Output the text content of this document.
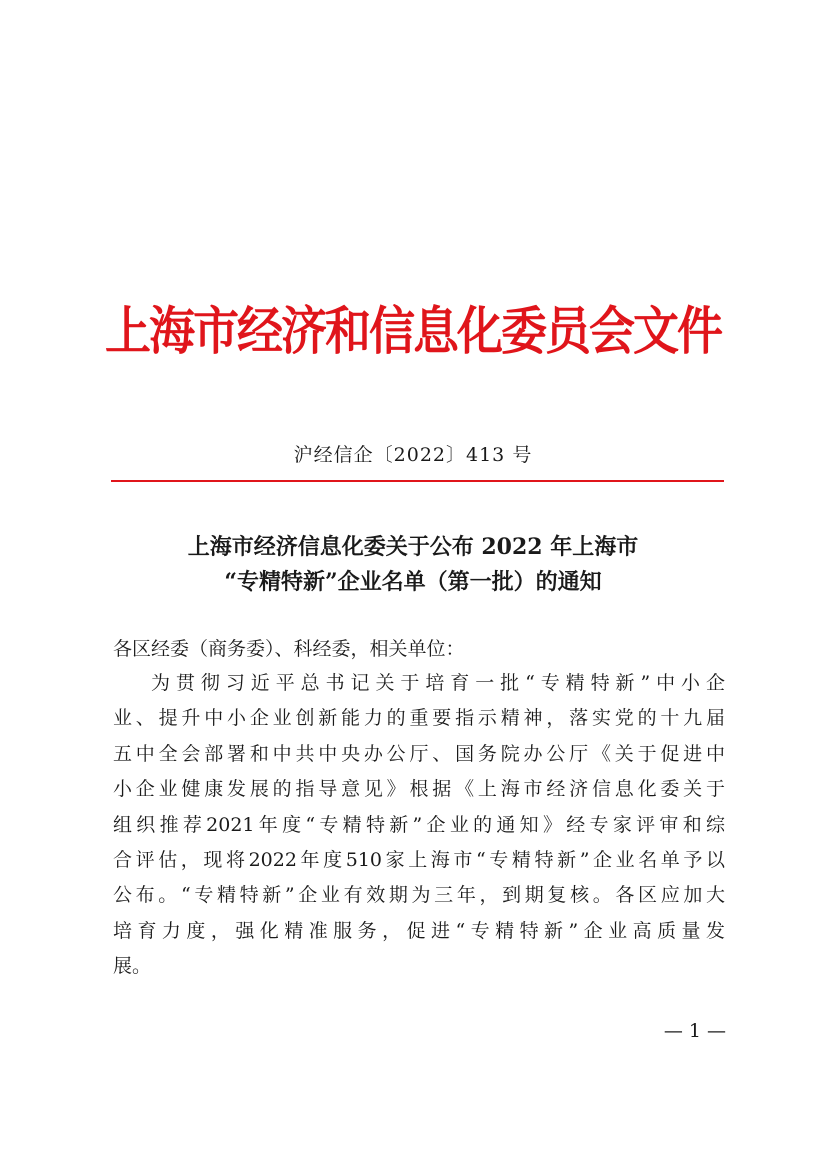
上海市经济和信息化委员会文件
沪经信企〔2022〕413 号
上海市经济信息化委关于公布 2022 年上海市
“专精特新”企业名单（第一批）的通知
各区经委（商务委）、科经委，相关单位：
为贯彻习近平总书记关于培育一批“专精特新”中小企
业、提升中小企业创新能力的重要指示精神，落实党的十九届
五中全会部署和中共中央办公厅、国务院办公厅《关于促进中
小企业健康发展的指导意见》根据《上海市经济信息化委关于
组织推荐2021年度“专精特新”企业的通知》经专家评审和综
合评估，现将2022年度510家上海市“专精特新”企业名单予以
公布。“专精特新”企业有效期为三年，到期复核。各区应加大
培育力度，强化精准服务，促进“专精特新”企业高质量发
展。
— 1 —
